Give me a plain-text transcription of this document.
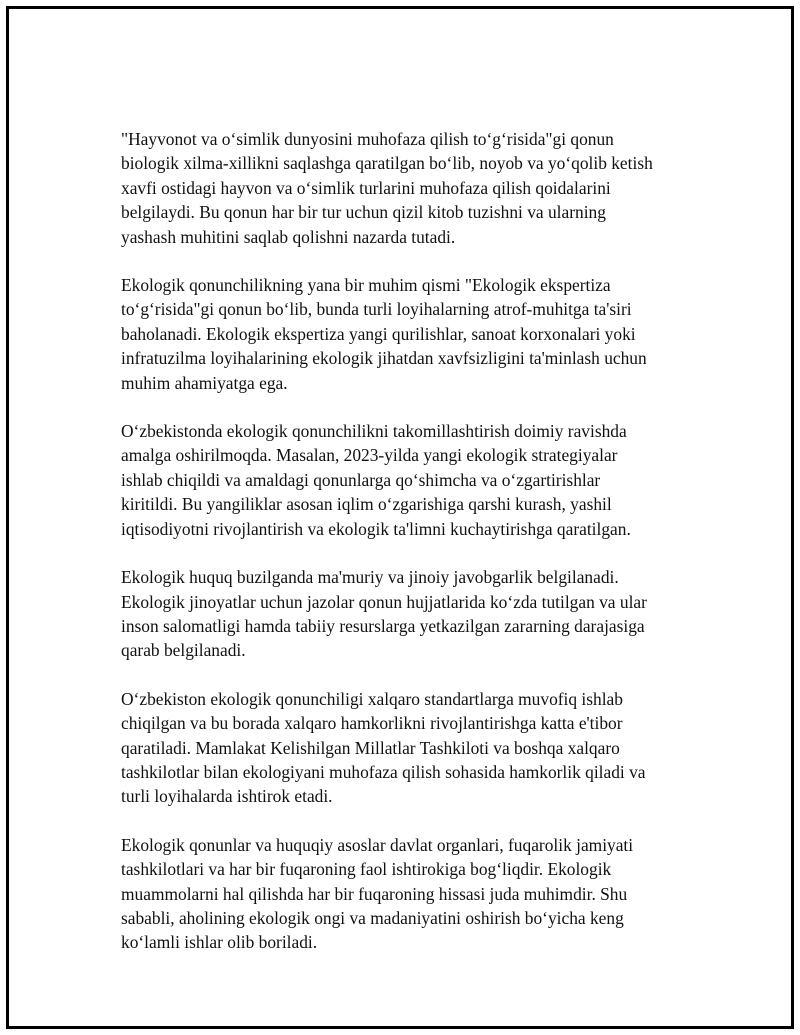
"Hayvonot va oʻsimlik dunyosini muhofaza qilish toʻgʻrisida"gi qonun
biologik xilma-xillikni saqlashga qaratilgan boʻlib, noyob va yoʻqolib ketish
xavfi ostidagi hayvon va oʻsimlik turlarini muhofaza qilish qoidalarini
belgilaydi. Bu qonun har bir tur uchun qizil kitob tuzishni va ularning
yashash muhitini saqlab qolishni nazarda tutadi.

Ekologik qonunchilikning yana bir muhim qismi "Ekologik ekspertiza
toʻgʻrisida"gi qonun boʻlib, bunda turli loyihalarning atrof-muhitga ta'siri
baholanadi. Ekologik ekspertiza yangi qurilishlar, sanoat korxonalari yoki
infratuzilma loyihalarining ekologik jihatdan xavfsizligini ta'minlash uchun
muhim ahamiyatga ega.

Oʻzbekistonda ekologik qonunchilikni takomillashtirish doimiy ravishda
amalga oshirilmoqda. Masalan, 2023-yilda yangi ekologik strategiyalar
ishlab chiqildi va amaldagi qonunlarga qoʻshimcha va oʻzgartirishlar
kiritildi. Bu yangiliklar asosan iqlim oʻzgarishiga qarshi kurash, yashil
iqtisodiyotni rivojlantirish va ekologik ta'limni kuchaytirishga qaratilgan.

Ekologik huquq buzilganda ma'muriy va jinoiy javobgarlik belgilanadi.
Ekologik jinoyatlar uchun jazolar qonun hujjatlarida koʻzda tutilgan va ular
inson salomatligi hamda tabiiy resurslarga yetkazilgan zararning darajasiga
qarab belgilanadi.

Oʻzbekiston ekologik qonunchiligi xalqaro standartlarga muvofiq ishlab
chiqilgan va bu borada xalqaro hamkorlikni rivojlantirishga katta e'tibor
qaratiladi. Mamlakat Kelishilgan Millatlar Tashkiloti va boshqa xalqaro
tashkilotlar bilan ekologiyani muhofaza qilish sohasida hamkorlik qiladi va
turli loyihalarda ishtirok etadi.

Ekologik qonunlar va huquqiy asoslar davlat organlari, fuqarolik jamiyati
tashkilotlari va har bir fuqaroning faol ishtirokiga bogʻliqdir. Ekologik
muammolarni hal qilishda har bir fuqaroning hissasi juda muhimdir. Shu
sababli, aholining ekologik ongi va madaniyatini oshirish boʻyicha keng
koʻlamli ishlar olib boriladi.
